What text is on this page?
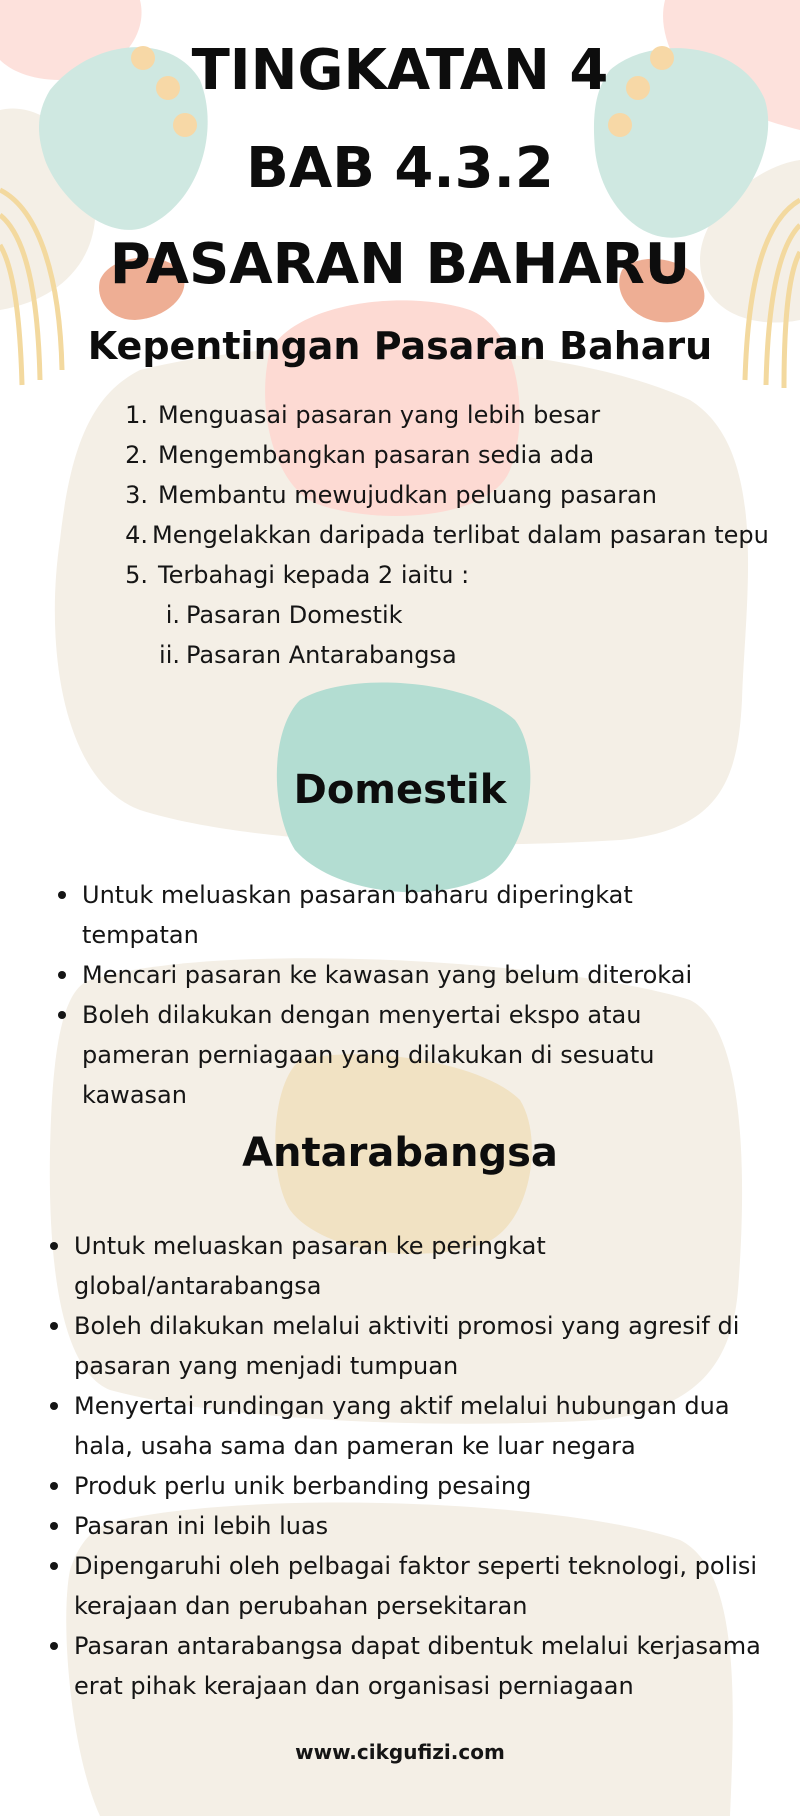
TINGKATAN 4
BAB 4.3.2
PASARAN BAHARU
Kepentingan Pasaran Baharu
1. Menguasai pasaran yang lebih besar
2. Mengembangkan pasaran sedia ada
3. Membantu mewujudkan peluang pasaran
4. Mengelakkan daripada terlibat dalam pasaran tepu
5. Terbahagi kepada 2 iaitu :
i. Pasaran Domestik
ii. Pasaran Antarabangsa
Domestik
Untuk meluaskan pasaran baharu diperingkat tempatan
Mencari pasaran ke kawasan yang belum diterokai
Boleh dilakukan dengan menyertai ekspo atau pameran perniagaan yang dilakukan di sesuatu kawasan
Antarabangsa
Untuk meluaskan pasaran ke peringkat global/antarabangsa
Boleh dilakukan melalui aktiviti promosi yang agresif di pasaran yang menjadi tumpuan
Menyertai rundingan yang aktif melalui hubungan dua hala, usaha sama dan pameran ke luar negara
Produk perlu unik berbanding pesaing
Pasaran ini lebih luas
Dipengaruhi oleh pelbagai faktor seperti teknologi, polisi kerajaan dan perubahan persekitaran
Pasaran antarabangsa dapat dibentuk melalui kerjasama erat pihak kerajaan dan organisasi perniagaan

www.cikgufizi.com
